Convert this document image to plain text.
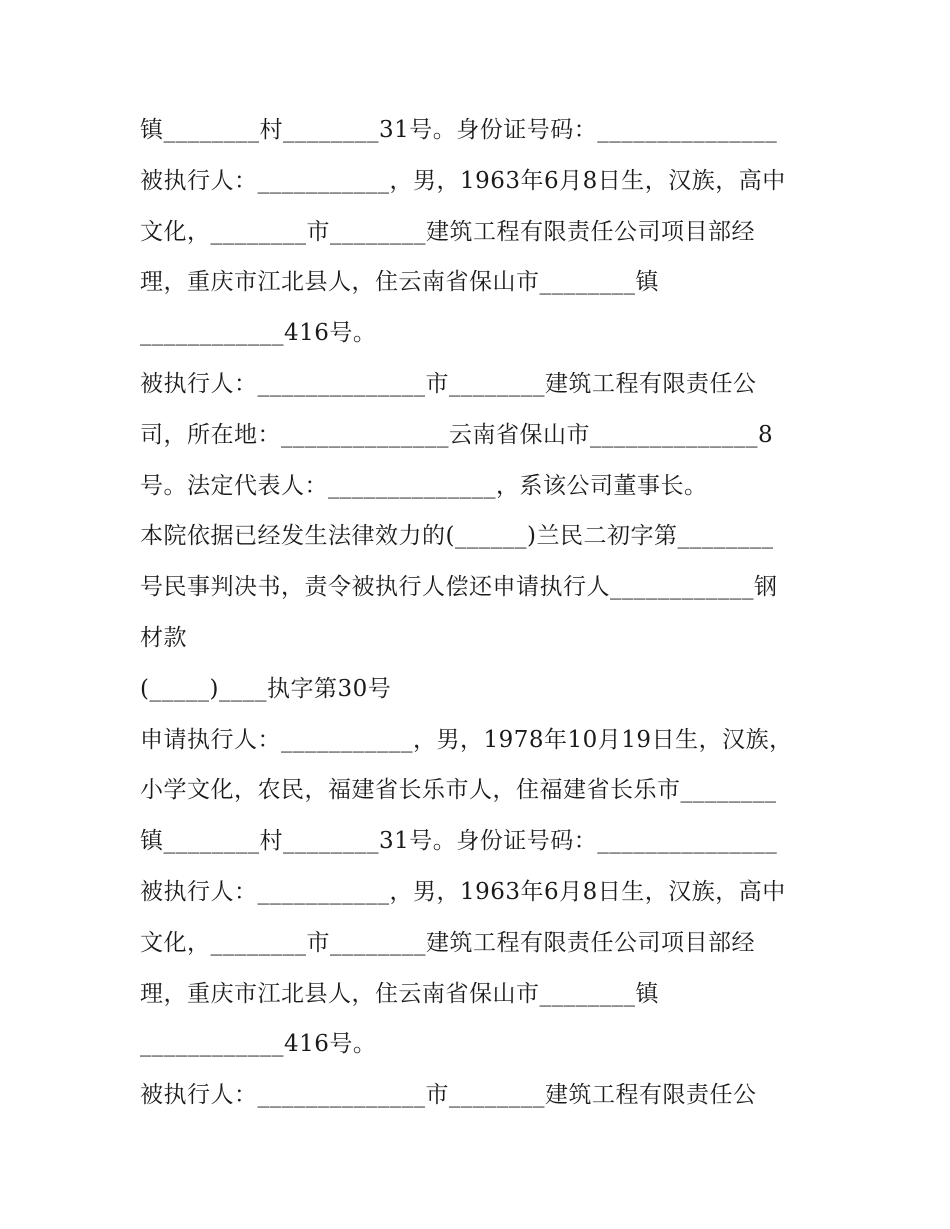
镇________村________31号。身份证号码：_______________
被执行人：___________，男，1963年6月8日生，汉族，高中
文化，________市________建筑工程有限责任公司项目部经
理，重庆市江北县人，住云南省保山市________镇
____________416号。
被执行人：______________市________建筑工程有限责任公
司，所在地：______________云南省保山市______________8
号。法定代表人：______________，系该公司董事长。
本院依据已经发生法律效力的(______)兰民二初字第________
号民事判决书，责令被执行人偿还申请执行人____________钢
材款
(_____)____执字第30号
申请执行人：___________，男，1978年10月19日生，汉族，
小学文化，农民，福建省长乐市人，住福建省长乐市________
镇________村________31号。身份证号码：_______________
被执行人：___________，男，1963年6月8日生，汉族，高中
文化，________市________建筑工程有限责任公司项目部经
理，重庆市江北县人，住云南省保山市________镇
____________416号。
被执行人：______________市________建筑工程有限责任公
